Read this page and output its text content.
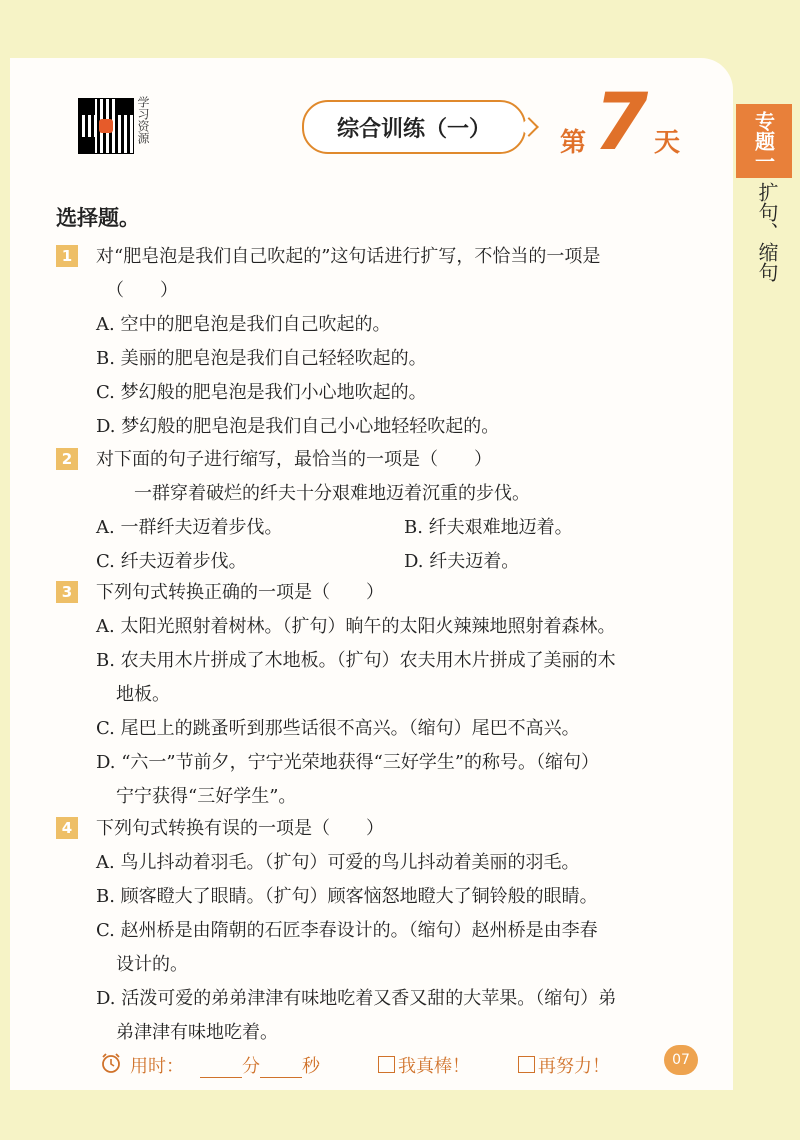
学习资源	综合训练（一）	第 7 天	专题一
扩句、缩句
选择题。
1 对“肥皂泡是我们自己吹起的”这句话进行扩写，不恰当的一项是
（　　）
A. 空中的肥皂泡是我们自己吹起的。
B. 美丽的肥皂泡是我们自己轻轻吹起的。
C. 梦幻般的肥皂泡是我们小心地吹起的。
D. 梦幻般的肥皂泡是我们自己小心地轻轻吹起的。
2 对下面的句子进行缩写，最恰当的一项是（　　）
一群穿着破烂的纤夫十分艰难地迈着沉重的步伐。
A. 一群纤夫迈着步伐。	B. 纤夫艰难地迈着。
C. 纤夫迈着步伐。	D. 纤夫迈着。
3 下列句式转换正确的一项是（　　）
A. 太阳光照射着树林。（扩句）晌午的太阳火辣辣地照射着森林。
B. 农夫用木片拼成了木地板。（扩句）农夫用木片拼成了美丽的木
地板。
C. 尾巴上的跳蚤听到那些话很不高兴。（缩句）尾巴不高兴。
D. “六一”节前夕，宁宁光荣地获得“三好学生”的称号。（缩句）
宁宁获得“三好学生”。
4 下列句式转换有误的一项是（　　）
A. 鸟儿抖动着羽毛。（扩句）可爱的鸟儿抖动着美丽的羽毛。
B. 顾客瞪大了眼睛。（扩句）顾客恼怒地瞪大了铜铃般的眼睛。
C. 赵州桥是由隋朝的石匠李春设计的。（缩句）赵州桥是由李春
设计的。
D. 活泼可爱的弟弟津津有味地吃着又香又甜的大苹果。（缩句）弟
弟津津有味地吃着。
用时：	分 秒	我真棒！	再努力！	07
